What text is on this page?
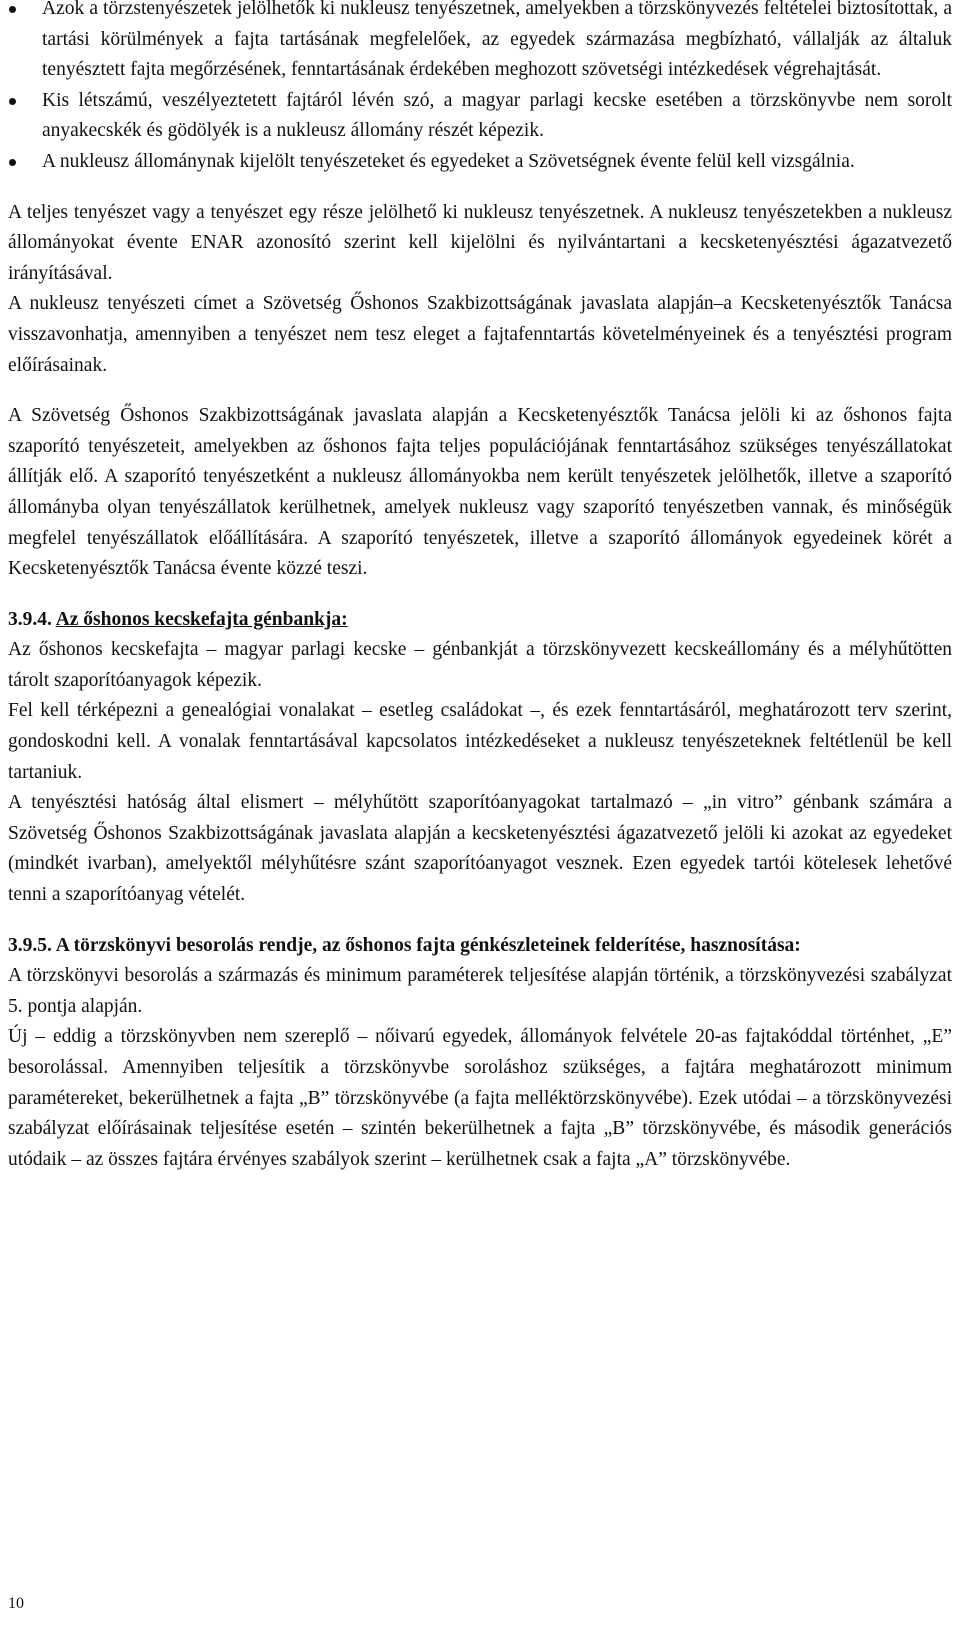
Azok a törzstenyészetek jelölhetők ki nukleusz tenyészetnek, amelyekben a törzskönyvezés feltételei biztosítottak, a tartási körülmények a fajta tartásának megfelelőek, az egyedek származása megbízható, vállalják az általuk tenyésztett fajta megőrzésének, fenntartásának érdekében meghozott szövetségi intézkedések végrehajtását.
Kis létszámú, veszélyeztetett fajtáról lévén szó, a magyar parlagi kecske esetében a törzskönyvbe nem sorolt anyakecskék és gödölyék is a nukleusz állomány részét képezik.
A nukleusz állománynak kijelölt tenyészeteket és egyedeket a Szövetségnek évente felül kell vizsgálnia.

A teljes tenyészet vagy a tenyészet egy része jelölhető ki nukleusz tenyészetnek. A nukleusz tenyészetekben a nukleusz állományokat évente ENAR azonosító szerint kell kijelölni és nyilvántartani a kecsketenyésztési ágazatvezető irányításával.

A nukleusz tenyészeti címet a Szövetség Őshonos Szakbizottságának javaslata alapján‒a Kecsketenyésztők Tanácsa visszavonhatja, amennyiben a tenyészet nem tesz eleget a fajtafenntartás követelményeinek és a tenyésztési program előírásainak.

A Szövetség Őshonos Szakbizottságának javaslata alapján a Kecsketenyésztők Tanácsa jelöli ki az őshonos fajta szaporító tenyészeteit, amelyekben az őshonos fajta teljes populációjának fenntartásához szükséges tenyészállatokat állítják elő. A szaporító tenyészetként a nukleusz állományokba nem került tenyészetek jelölhetők, illetve a szaporító állományba olyan tenyészállatok kerülhetnek, amelyek nukleusz vagy szaporító tenyészetben vannak, és minőségük megfelel tenyészállatok előállítására. A szaporító tenyészetek, illetve a szaporító állományok egyedeinek körét a Kecsketenyésztők Tanácsa évente közzé teszi.

3.9.4. Az őshonos kecskefajta génbankja:

Az őshonos kecskefajta – magyar parlagi kecske – génbankját a törzskönyvezett kecskeállomány és a mélyhűtötten tárolt szaporítóanyagok képezik.

Fel kell térképezni a genealógiai vonalakat – esetleg családokat –, és ezek fenntartásáról, meghatározott terv szerint, gondoskodni kell. A vonalak fenntartásával kapcsolatos intézkedéseket a nukleusz tenyészeteknek feltétlenül be kell tartaniuk.

A tenyésztési hatóság által elismert – mélyhűtött szaporítóanyagokat tartalmazó – „in vitro” génbank számára a Szövetség Őshonos Szakbizottságának javaslata alapján a kecsketenyésztési ágazatvezető jelöli ki azokat az egyedeket (mindkét ivarban), amelyektől mélyhűtésre szánt szaporítóanyagot vesznek. Ezen egyedek tartói kötelesek lehetővé tenni a szaporítóanyag vételét.

3.9.5. A törzskönyvi besorolás rendje, az őshonos fajta génkészleteinek felderítése, hasznosítása:

A törzskönyvi besorolás a származás és minimum paraméterek teljesítése alapján történik, a törzskönyvezési szabályzat 5. pontja alapján.

Új – eddig a törzskönyvben nem szereplő – nőivarú egyedek, állományok felvétele 20-as fajtakóddal történhet, „E” besorolással. Amennyiben teljesítik a törzskönyvbe soroláshoz szükséges, a fajtára meghatározott minimum paramétereket, bekerülhetnek a fajta „B” törzskönyvébe (a fajta melléktörzskönyvébe). Ezek utódai – a törzskönyvezési szabályzat előírásainak teljesítése esetén – szintén bekerülhetnek a fajta „B” törzskönyvébe, és második generációs utódaik – az összes fajtára érvényes szabályok szerint – kerülhetnek csak a fajta „A” törzskönyvébe.

10
